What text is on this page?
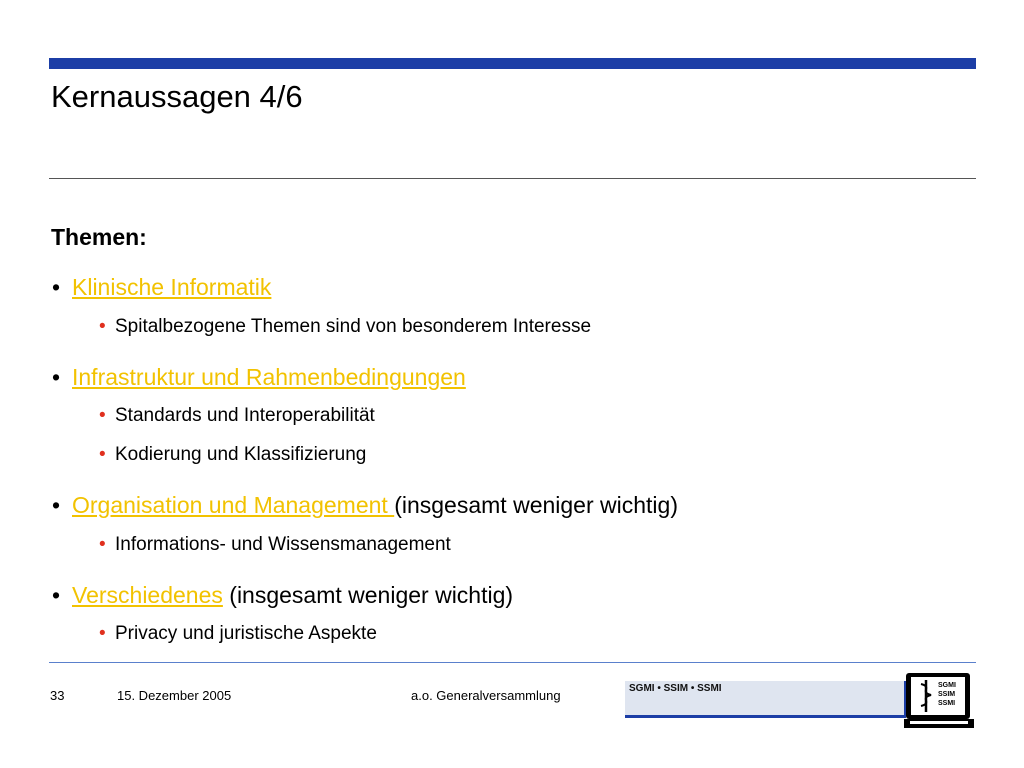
Kernaussagen 4/6
Themen:
• Klinische Informatik
• Spitalbezogene Themen sind von besonderem Interesse
• Infrastruktur und Rahmenbedingungen
• Standards und Interoperabilität
• Kodierung und Klassifizierung
• Organisation und Management (insgesamt weniger wichtig)
• Informations- und Wissensmanagement
• Verschiedenes (insgesamt weniger wichtig)
• Privacy und juristische Aspekte
33	15. Dezember 2005	a.o. Generalversammlung	SGMI • SSIM • SSMI	SGMI
SSIM
SSMI
